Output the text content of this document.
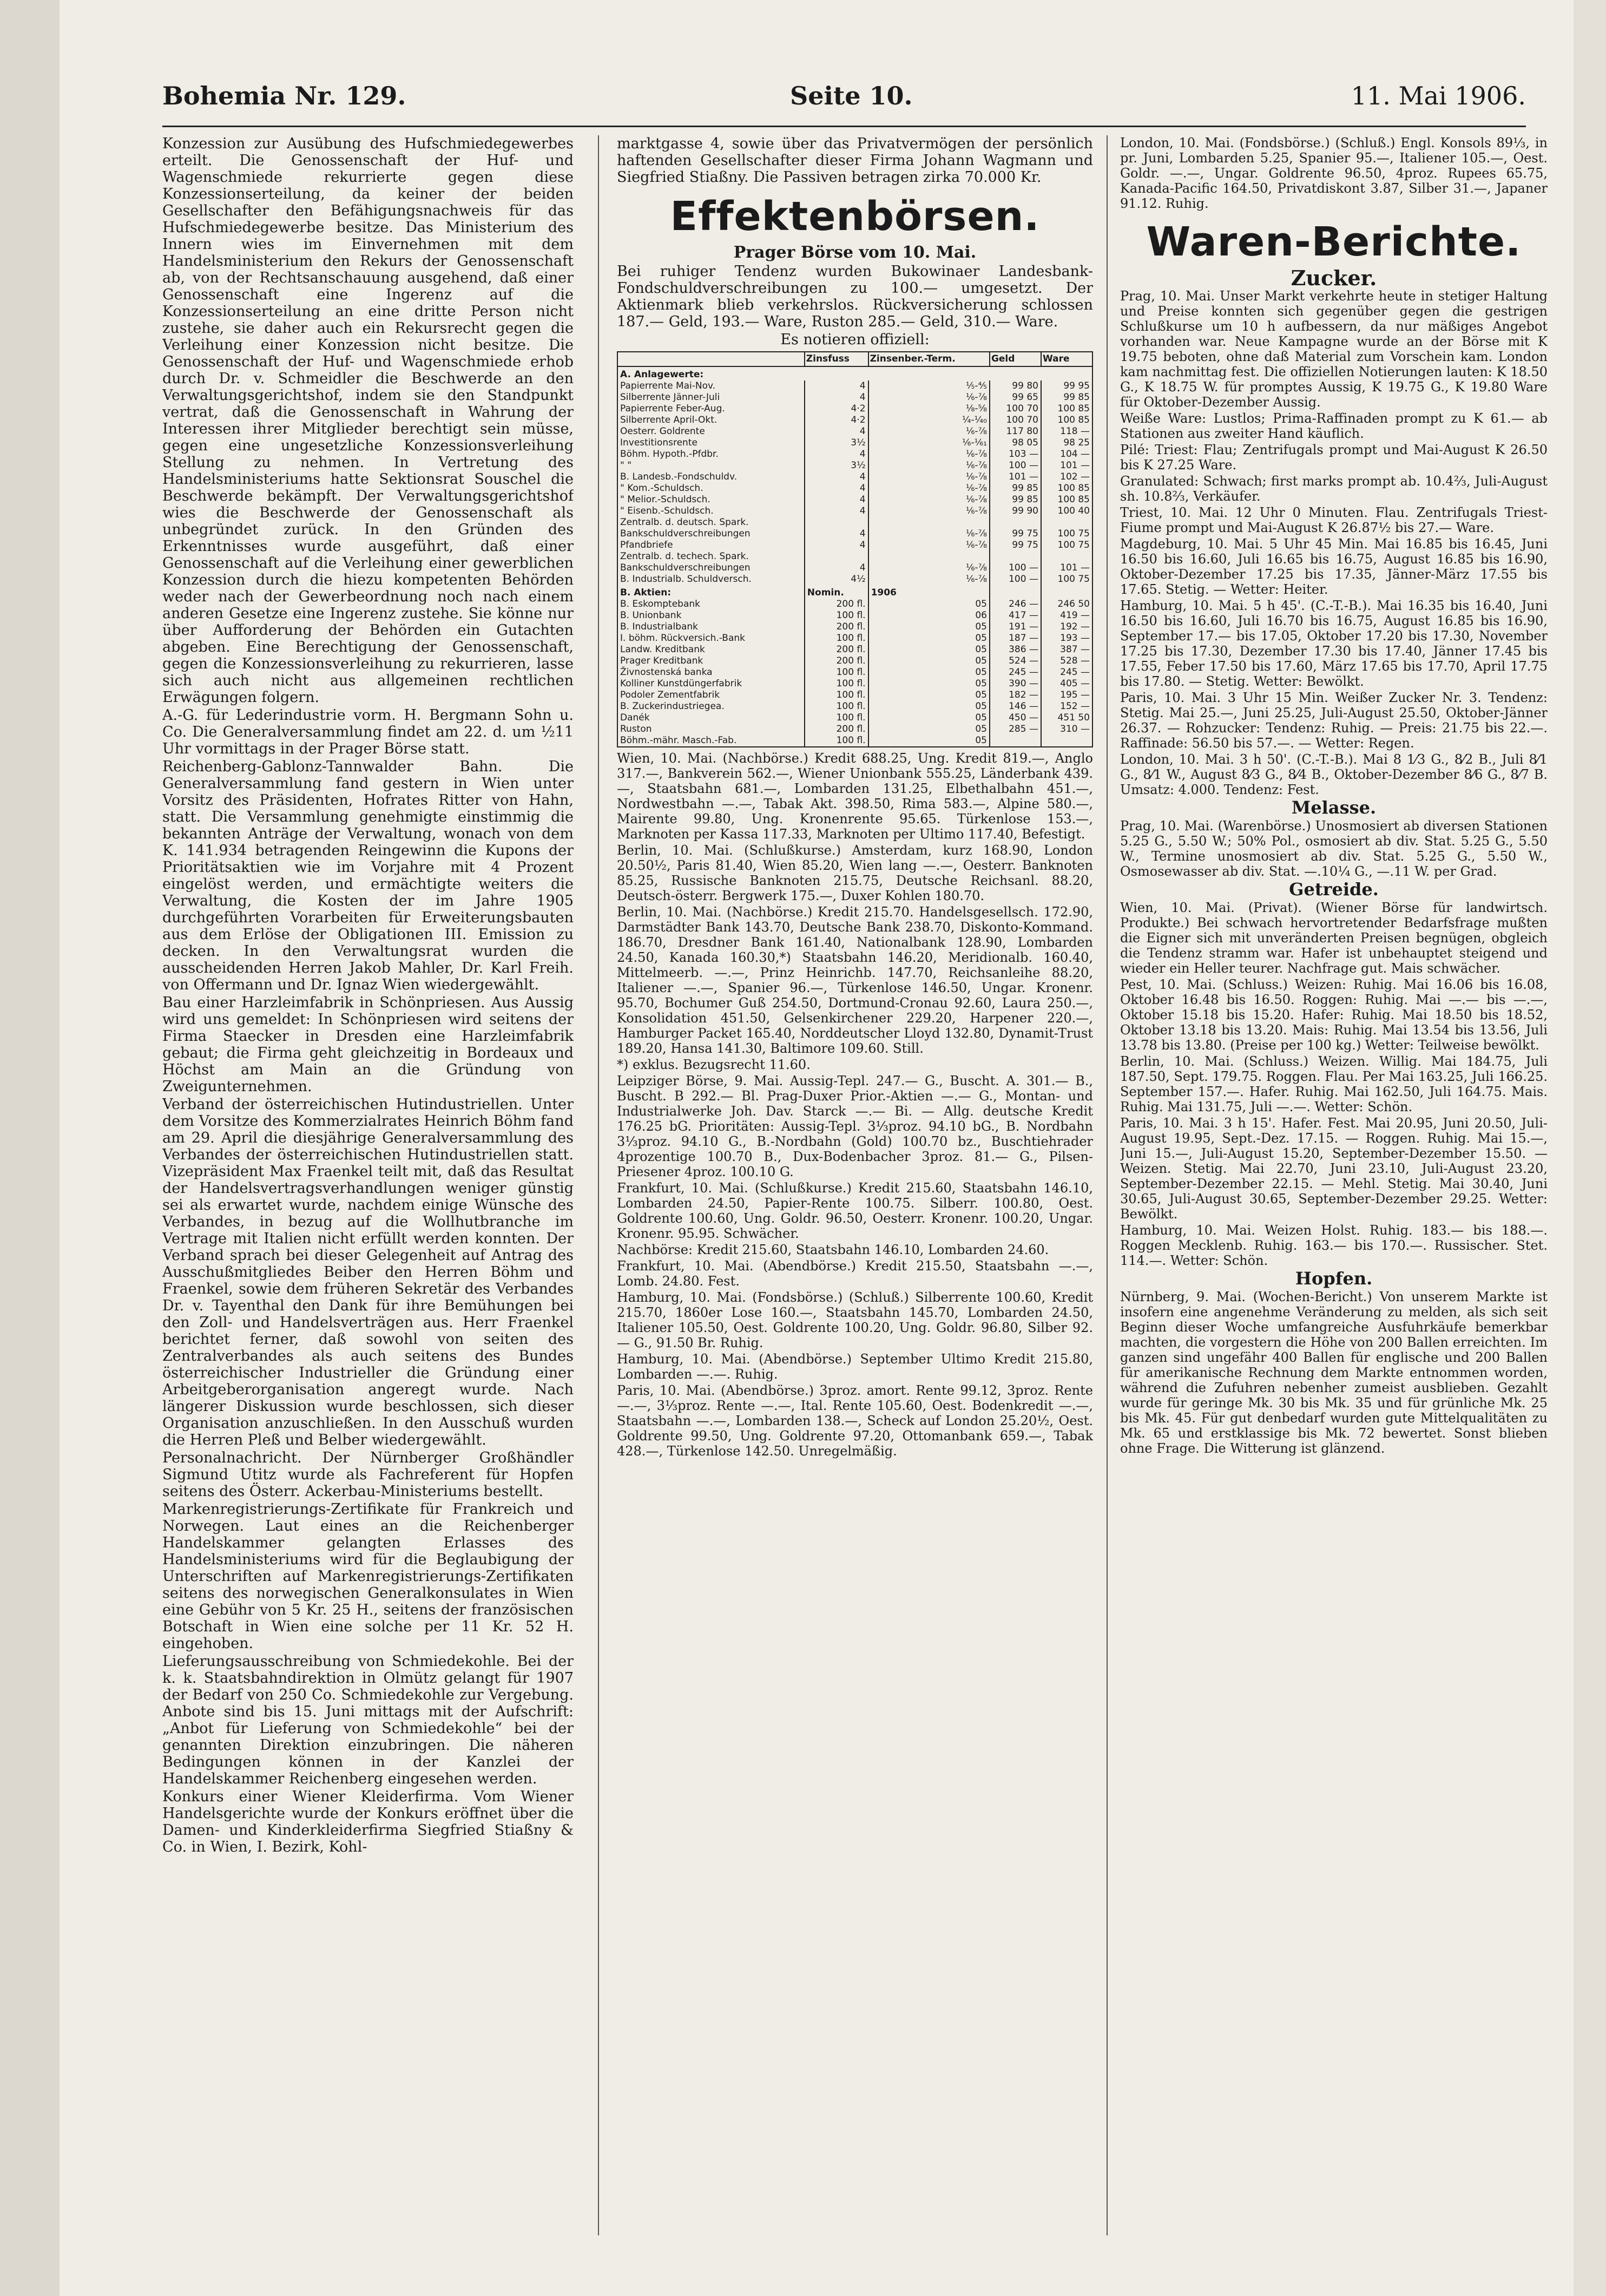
Bohemia Nr. 129.	Seite 10.	11. Mai 1906.

Konzession zur Ausübung des Hufschmiedegewerbes erteilt. Die Genossenschaft der Huf- und Wagenschmiede rekurrierte gegen diese Konzessionserteilung, da keiner der beiden Gesellschafter den Befähigungsnachweis für das Hufschmiedegewerbe besitze. Das Ministerium des Innern wies im Einvernehmen mit dem Handelsministerium den Rekurs der Genossenschaft ab, von der Rechtsanschauung ausgehend, daß einer Genossenschaft eine Ingerenz auf die Konzessionserteilung an eine dritte Person nicht zustehe, sie daher auch ein Rekursrecht gegen die Verleihung einer Konzession nicht besitze. Die Genossenschaft der Huf- und Wagenschmiede erhob durch Dr. v. Schmeidler die Beschwerde an den Verwaltungsgerichtshof, indem sie den Standpunkt vertrat, daß die Genossenschaft in Wahrung der Interessen ihrer Mitglieder berechtigt sein müsse, gegen eine ungesetzliche Konzessionsverleihung Stellung zu nehmen. In Vertretung des Handelsministeriums hatte Sektionsrat Souschel die Beschwerde bekämpft. Der Verwaltungsgerichtshof wies die Beschwerde der Genossenschaft als unbegründet zurück. In den Gründen des Erkenntnisses wurde ausgeführt, daß einer Genossenschaft auf die Verleihung einer gewerblichen Konzession durch die hiezu kompetenten Behörden weder nach der Gewerbeordnung noch nach einem anderen Gesetze eine Ingerenz zustehe. Sie könne nur über Aufforderung der Behörden ein Gutachten abgeben. Eine Berechtigung der Genossenschaft, gegen die Konzessionsverleihung zu rekurrieren, lasse sich auch nicht aus allgemeinen rechtlichen Erwägungen folgern.

A.-G. für Lederindustrie vorm. H. Bergmann Sohn u. Co. Die Generalversammlung findet am 22. d. um ½11 Uhr vormittags in der Prager Börse statt.

Reichenberg-Gablonz-Tannwalder Bahn. Die Generalversammlung fand gestern in Wien unter Vorsitz des Präsidenten, Hofrates Ritter von Hahn, statt. Die Versammlung genehmigte einstimmig die bekannten Anträge der Verwaltung, wonach von dem K. 141.934 betragenden Reingewinn die Kupons der Prioritätsaktien wie im Vorjahre mit 4 Prozent eingelöst werden, und ermächtigte weiters die Verwaltung, die Kosten der im Jahre 1905 durchgeführten Vorarbeiten für Erweiterungsbauten aus dem Erlöse der Obligationen III. Emission zu decken. In den Verwaltungsrat wurden die ausscheidenden Herren Jakob Mahler, Dr. Karl Freih. von Offermann und Dr. Ignaz Wien wiedergewählt.

Bau einer Harzleimfabrik in Schönpriesen. Aus Aussig wird uns gemeldet: In Schönpriesen wird seitens der Firma Staecker in Dresden eine Harzleimfabrik gebaut; die Firma geht gleichzeitig in Bordeaux und Höchst am Main an die Gründung von Zweigunternehmen.

Verband der österreichischen Hutindustriellen. Unter dem Vorsitze des Kommerzialrates Heinrich Böhm fand am 29. April die diesjährige Generalversammlung des Verbandes der österreichischen Hutindustriellen statt. Vizepräsident Max Fraenkel teilt mit, daß das Resultat der Handelsvertragsverhandlungen weniger günstig sei als erwartet wurde, nachdem einige Wünsche des Verbandes, in bezug auf die Wollhutbranche im Vertrage mit Italien nicht erfüllt werden konnten. Der Verband sprach bei dieser Gelegenheit auf Antrag des Ausschußmitgliedes Beiber den Herren Böhm und Fraenkel, sowie dem früheren Sekretär des Verbandes Dr. v. Tayenthal den Dank für ihre Bemühungen bei den Zoll- und Handelsverträgen aus. Herr Fraenkel berichtet ferner, daß sowohl von seiten des Zentralverbandes als auch seitens des Bundes österreichischer Industrieller die Gründung einer Arbeitgeberorganisation angeregt wurde. Nach längerer Diskussion wurde beschlossen, sich dieser Organisation anzuschließen. In den Ausschuß wurden die Herren Pleß und Belber wiedergewählt.

Personalnachricht. Der Nürnberger Großhändler Sigmund Utitz wurde als Fachreferent für Hopfen seitens des Österr. Ackerbau-Ministeriums bestellt.

Markenregistrierungs-Zertifikate für Frankreich und Norwegen. Laut eines an die Reichenberger Handelskammer gelangten Erlasses des Handelsministeriums wird für die Beglaubigung der Unterschriften auf Markenregistrierungs-Zertifikaten seitens des norwegischen Generalkonsulates in Wien eine Gebühr von 5 Kr. 25 H., seitens der französischen Botschaft in Wien eine solche per 11 Kr. 52 H. eingehoben.

Lieferungsausschreibung von Schmiedekohle. Bei der k. k. Staatsbahndirektion in Olmütz gelangt für 1907 der Bedarf von 250 Co. Schmiedekohle zur Vergebung. Anbote sind bis 15. Juni mittags mit der Aufschrift: „Anbot für Lieferung von Schmiedekohle“ bei der genannten Direktion einzubringen. Die näheren Bedingungen können in der Kanzlei der Handelskammer Reichenberg eingesehen werden.

Konkurs einer Wiener Kleiderfirma. Vom Wiener Handelsgerichte wurde der Konkurs eröffnet über die Damen- und Kinderkleiderfirma Siegfried Stiaßny & Co. in Wien, I. Bezirk, Kohl-

marktgasse 4, sowie über das Privatvermögen der persönlich haftenden Gesellschafter dieser Firma Johann Wagmann und Siegfried Stiaßny. Die Passiven betragen zirka 70.000 Kr.

Effektenbörsen.
Prager Börse vom 10. Mai.

Bei ruhiger Tendenz wurden Bukowinaer Landesbank-Fondschuldverschreibungen zu 100.— umgesetzt. Der Aktienmark blieb verkehrslos. Rückversicherung schlossen 187.— Geld, 193.— Ware, Ruston 285.— Geld, 310.— Ware.

Es notieren offiziell:
	Zinsfuss	Zinsenber.-Term.	Geld	Ware
A. Anlagewerte:				
Papierrente Mai-Nov.	4	⅕-⅘	99 80	99 95
Silberrente Jänner-Juli	4	⅙-⅞	99 65	99 85
Papierrente Feber-Aug.	4·2	⅛-⅝	100 70	100 85
Silberrente April-Okt.	4·2	¼-¼₀	100 70	100 85
Oesterr. Goldrente	4	⅙-⅞	117 80	118 —
Investitionsrente	3½	⅙-⅙₁	98 05	98 25
Böhm. Hypoth.-Pfdbr.	4	⅙-⅞	103 —	104 —
" "	3½	⅙-⅞	100 —	101 —
B. Landesb.-Fondschuldv.	4	⅙-⅞	101 —	102 —
" Kom.-Schuldsch.	4	⅙-⅞	99 85	100 85
" Melior.-Schuldsch.	4	⅙-⅞	99 85	100 85
" Eisenb.-Schuldsch.	4	⅙-⅞	99 90	100 40
Zentralb. d. deutsch. Spark.				
Bankschuldverschreibungen	4	⅙-⅞	99 75	100 75
Pfandbriefe	4	⅙-⅞	99 75	100 75
Zentralb. d. techech. Spark.				
Bankschuldverschreibungen	4	⅙-⅞	100 —	101 —
B. Industrialb. Schuldversch.	4½	⅙-⅞	100 —	100 75
B. Aktien:	Nomin.	1906		
B. Eskomptebank	200 fl.	05	246 —	246 50
B. Unionbank	100 fl.	06	417 —	419 —
B. Industrialbank	200 fl.	05	191 —	192 —
I. böhm. Rückversich.-Bank	100 fl.	05	187 —	193 —
Landw. Kreditbank	200 fl.	05	386 —	387 —
Prager Kreditbank	200 fl.	05	524 —	528 —
Živnostenská banka	100 fl.	05	245 —	245 —
Kolliner Kunstdüngerfabrik	100 fl.	05	390 —	405 —
Podoler Zementfabrik	100 fl.	05	182 —	195 —
B. Zuckerindustriegea.	100 fl.	05	146 —	152 —
Danék	100 fl.	05	450 —	451 50
Ruston	200 fl.	05	285 —	310 —
Böhm.-mähr. Masch.-Fab.	100 fl.	05		

Wien, 10. Mai. (Nachbörse.) Kredit 688.25, Ung. Kredit 819.—, Anglo 317.—, Bankverein 562.—, Wiener Unionbank 555.25, Länderbank 439.—, Staatsbahn 681.—, Lombarden 131.25, Elbethalbahn 451.—, Nordwestbahn —.—, Tabak Akt. 398.50, Rima 583.—, Alpine 580.—, Mairente 99.80, Ung. Kronenrente 95.65. Türkenlose 153.—, Marknoten per Kassa 117.33, Marknoten per Ultimo 117.40, Befestigt.

Berlin, 10. Mai. (Schlußkurse.) Amsterdam, kurz 168.90, London 20.50½, Paris 81.40, Wien 85.20, Wien lang —.—, Oesterr. Banknoten 85.25, Russische Banknoten 215.75, Deutsche Reichsanl. 88.20, Deutsch-österr. Bergwerk 175.—, Duxer Kohlen 180.70.

Berlin, 10. Mai. (Nachbörse.) Kredit 215.70. Handelsgesellsch. 172.90, Darmstädter Bank 143.70, Deutsche Bank 238.70, Diskonto-Kommand. 186.70, Dresdner Bank 161.40, Nationalbank 128.90, Lombarden 24.50, Kanada 160.30,*) Staatsbahn 146.20, Meridionalb. 160.40, Mittelmeerb. —.—, Prinz Heinrichb. 147.70, Reichsanleihe 88.20, Italiener —.—, Spanier 96.—, Türkenlose 146.50, Ungar. Kronenr. 95.70, Bochumer Guß 254.50, Dortmund-Cronau 92.60, Laura 250.—, Konsolidation 451.50, Gelsenkirchener 229.20, Harpener 220.—, Hamburger Packet 165.40, Norddeutscher Lloyd 132.80, Dynamit-Trust 189.20, Hansa 141.30, Baltimore 109.60. Still.

*) exklus. Bezugsrecht 11.60.

Leipziger Börse, 9. Mai. Aussig-Tepl. 247.— G., Buscht. A. 301.— B., Buscht. B 292.— Bl. Prag-Duxer Prior.-Aktien —.— G., Montan- und Industrialwerke Joh. Dav. Starck —.— Bi. — Allg. deutsche Kredit 176.25 bG. Prioritäten: Aussig-Tepl. 3⅓proz. 94.10 bG., B. Nordbahn 3⅓proz. 94.10 G., B.-Nordbahn (Gold) 100.70 bz., Buschtiehrader 4prozentige 100.70 B., Dux-Bodenbacher 3proz. 81.— G., Pilsen-Priesener 4proz. 100.10 G.

Frankfurt, 10. Mai. (Schlußkurse.) Kredit 215.60, Staatsbahn 146.10, Lombarden 24.50, Papier-Rente 100.75. Silberr. 100.80, Oest. Goldrente 100.60, Ung. Goldr. 96.50, Oesterr. Kronenr. 100.20, Ungar. Kronenr. 95.95. Schwächer.

Nachbörse: Kredit 215.60, Staatsbahn 146.10, Lombarden 24.60.

Frankfurt, 10. Mai. (Abendbörse.) Kredit 215.50, Staatsbahn —.—, Lomb. 24.80. Fest.

Hamburg, 10. Mai. (Fondsbörse.) (Schluß.) Silberrente 100.60, Kredit 215.70, 1860er Lose 160.—, Staatsbahn 145.70, Lombarden 24.50, Italiener 105.50, Oest. Goldrente 100.20, Ung. Goldr. 96.80, Silber 92.— G., 91.50 Br. Ruhig.

Hamburg, 10. Mai. (Abendbörse.) September Ultimo Kredit 215.80, Lombarden —.—. Ruhig.

Paris, 10. Mai. (Abendbörse.) 3proz. amort. Rente 99.12, 3proz. Rente —.—, 3⅓proz. Rente —.—, Ital. Rente 105.60, Oest. Bodenkredit —.—, Staatsbahn —.—, Lombarden 138.—, Scheck auf London 25.20½, Oest. Goldrente 99.50, Ung. Goldrente 97.20, Ottomanbank 659.—, Tabak 428.—, Türkenlose 142.50. Unregelmäßig.

London, 10. Mai. (Fondsbörse.) (Schluß.) Engl. Konsols 89⅓, in pr. Juni, Lombarden 5.25, Spanier 95.—, Italiener 105.—, Oest. Goldr. —.—, Ungar. Goldrente 96.50, 4proz. Rupees 65.75, Kanada-Pacific 164.50, Privatdiskont 3.87, Silber 31.—, Japaner 91.12. Ruhig.

Waren-Berichte.
Zucker.

Prag, 10. Mai. Unser Markt verkehrte heute in stetiger Haltung und Preise konnten sich gegenüber gegen die gestrigen Schlußkurse um 10 h aufbessern, da nur mäßiges Angebot vorhanden war. Neue Kampagne wurde an der Börse mit K 19.75 beboten, ohne daß Material zum Vorschein kam. London kam nachmittag fest. Die offiziellen Notierungen lauten: K 18.50 G., K 18.75 W. für promptes Aussig, K 19.75 G., K 19.80 Ware für Oktober-Dezember Aussig.

Weiße Ware: Lustlos; Prima-Raffinaden prompt zu K 61.— ab Stationen aus zweiter Hand käuflich.

Pilé: Triest: Flau; Zentrifugals prompt und Mai-August K 26.50 bis K 27.25 Ware.

Granulated: Schwach; first marks prompt ab. 10.4⅔, Juli-August sh. 10.8⅔, Verkäufer.

Triest, 10. Mai. 12 Uhr 0 Minuten. Flau. Zentrifugals Triest-Fiume prompt und Mai-August K 26.87½ bis 27.— Ware.

Magdeburg, 10. Mai. 5 Uhr 45 Min. Mai 16.85 bis 16.45, Juni 16.50 bis 16.60, Juli 16.65 bis 16.75, August 16.85 bis 16.90, Oktober-Dezember 17.25 bis 17.35, Jänner-März 17.55 bis 17.65. Stetig. — Wetter: Heiter.

Hamburg, 10. Mai. 5 h 45'. (C.-T.-B.). Mai 16.35 bis 16.40, Juni 16.50 bis 16.60, Juli 16.70 bis 16.75, August 16.85 bis 16.90, September 17.— bis 17.05, Oktober 17.20 bis 17.30, November 17.25 bis 17.30, Dezember 17.30 bis 17.40, Jänner 17.45 bis 17.55, Feber 17.50 bis 17.60, März 17.65 bis 17.70, April 17.75 bis 17.80. — Stetig. Wetter: Bewölkt.

Paris, 10. Mai. 3 Uhr 15 Min. Weißer Zucker Nr. 3. Tendenz: Stetig. Mai 25.—, Juni 25.25, Juli-August 25.50, Oktober-Jänner 26.37. — Rohzucker: Tendenz: Ruhig. — Preis: 21.75 bis 22.—. Raffinade: 56.50 bis 57.—. — Wetter: Regen.

London, 10. Mai. 3 h 50'. (C.-T.-B.). Mai 8 1⁄3 G., 8⁄2 B., Juli 8⁄1 G., 8⁄1 W., August 8⁄3 G., 8⁄4 B., Oktober-Dezember 8⁄6 G., 8⁄7 B. Umsatz: 4.000. Tendenz: Fest.

Melasse.

Prag, 10. Mai. (Warenbörse.) Unosmosiert ab diversen Stationen 5.25 G., 5.50 W.; 50% Pol., osmosiert ab div. Stat. 5.25 G., 5.50 W., Termine unosmosiert ab div. Stat. 5.25 G., 5.50 W., Osmosewasser ab div. Stat. —.10¼ G., —.11 W. per Grad.

Getreide.

Wien, 10. Mai. (Privat). (Wiener Börse für landwirtsch. Produkte.) Bei schwach hervortretender Bedarfsfrage mußten die Eigner sich mit unveränderten Preisen begnügen, obgleich die Tendenz stramm war. Hafer ist unbehauptet steigend und wieder ein Heller teurer. Nachfrage gut. Mais schwächer.

Pest, 10. Mai. (Schluss.) Weizen: Ruhig. Mai 16.06 bis 16.08, Oktober 16.48 bis 16.50. Roggen: Ruhig. Mai —.— bis —.—, Oktober 15.18 bis 15.20. Hafer: Ruhig. Mai 18.50 bis 18.52, Oktober 13.18 bis 13.20. Mais: Ruhig. Mai 13.54 bis 13.56, Juli 13.78 bis 13.80. (Preise per 100 kg.) Wetter: Teilweise bewölkt.

Berlin, 10. Mai. (Schluss.) Weizen. Willig. Mai 184.75, Juli 187.50, Sept. 179.75. Roggen. Flau. Per Mai 163.25, Juli 166.25. September 157.—. Hafer. Ruhig. Mai 162.50, Juli 164.75. Mais. Ruhig. Mai 131.75, Juli —.—. Wetter: Schön.

Paris, 10. Mai. 3 h 15'. Hafer. Fest. Mai 20.95, Juni 20.50, Juli-August 19.95, Sept.-Dez. 17.15. — Roggen. Ruhig. Mai 15.—, Juni 15.—, Juli-August 15.20, September-Dezember 15.50. — Weizen. Stetig. Mai 22.70, Juni 23.10, Juli-August 23.20, September-Dezember 22.15. — Mehl. Stetig. Mai 30.40, Juni 30.65, Juli-August 30.65, September-Dezember 29.25. Wetter: Bewölkt.

Hamburg, 10. Mai. Weizen Holst. Ruhig. 183.— bis 188.—. Roggen Mecklenb. Ruhig. 163.— bis 170.—. Russischer. Stet. 114.—. Wetter: Schön.

Hopfen.

Nürnberg, 9. Mai. (Wochen-Bericht.) Von unserem Markte ist insofern eine angenehme Veränderung zu melden, als sich seit Beginn dieser Woche umfangreiche Ausfuhrkäufe bemerkbar machten, die vorgestern die Höhe von 200 Ballen erreichten. Im ganzen sind ungefähr 400 Ballen für englische und 200 Ballen für amerikanische Rechnung dem Markte entnommen worden, während die Zufuhren nebenher zumeist ausblieben. Gezahlt wurde für geringe Mk. 30 bis Mk. 35 und für grünliche Mk. 25 bis Mk. 45. Für gut denbedarf wurden gute Mittelqualitäten zu Mk. 65 und erstklassige bis Mk. 72 bewertet. Sonst blieben ohne Frage. Die Witterung ist glänzend.
